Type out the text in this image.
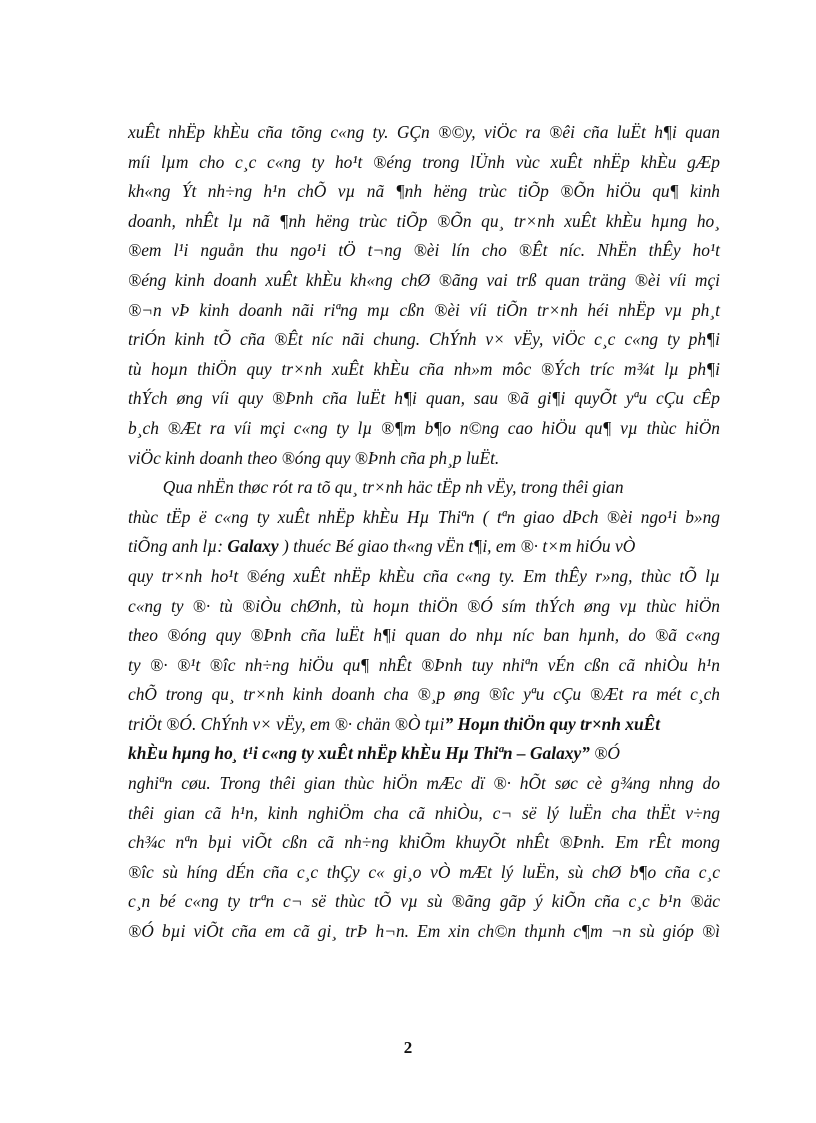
xuÊt nhËp khÈu cña tõng c«ng ty. GÇn ®©y, viÖc ra ®êi cña luËt h¶i quan
míi lµm cho c¸c c«ng ty ho¹t ®éng trong lÜnh vùc xuÊt nhËp khÈu gÆp
kh«ng Ýt nh÷ng h¹n chÕ vµ nã ¶nh hëng trùc tiÕp ®Õn hiÖu qu¶ kinh
doanh, nhÊt lµ nã ¶nh hëng trùc tiÕp ®Õn qu¸ tr×nh xuÊt khÈu hµng ho¸
®em l¹i nguån thu ngo¹i tÖ t¬ng ®èi lín cho ®Êt níc. NhËn thÊy ho¹t
®éng kinh doanh xuÊt khÈu kh«ng chØ ®ãng vai trß quan träng ®èi víi mçi
®¬n vÞ kinh doanh nãi riªng mµ cßn ®èi víi tiÕn tr×nh héi nhËp vµ ph¸t
triÓn kinh tÕ cña ®Êt níc nãi chung. ChÝnh v× vËy, viÖc c¸c c«ng ty ph¶i
tù hoµn thiÖn quy tr×nh xuÊt khÈu cña nh»m môc ®Ých tríc m¾t lµ ph¶i
thÝch øng víi quy ®Þnh cña luËt h¶i quan, sau ®ã gi¶i quyÕt yªu cÇu cÊp
b¸ch ®Æt ra víi mçi c«ng ty lµ ®¶m b¶o n©ng cao hiÖu qu¶ vµ thùc hiÖn
viÖc kinh doanh theo ®óng quy ®Þnh cña ph¸p luËt.
Qua nhËn thøc rót ra tõ qu¸ tr×nh häc tËp nh vËy, trong thêi gian
thùc tËp ë c«ng ty xuÊt nhËp khÈu Hµ Thiªn ( tªn giao dÞch ®èi ngo¹i b»ng
tiÕng anh lµ: Galaxy ) thuéc Bé giao th«ng vËn t¶i, em ®· t×m hiÓu vÒ
quy tr×nh ho¹t ®éng xuÊt nhËp khÈu cña c«ng ty. Em thÊy r»ng, thùc tÕ lµ
c«ng ty ®· tù ®iÒu chØnh, tù hoµn thiÖn ®Ó sím thÝch øng vµ thùc hiÖn
theo ®óng quy ®Þnh cña luËt h¶i quan do nhµ níc ban hµnh, do ®ã c«ng
ty ®· ®¹t ®îc nh÷ng hiÖu qu¶ nhÊt ®Þnh tuy nhiªn vÉn cßn cã nhiÒu h¹n
chÕ trong qu¸ tr×nh kinh doanh cha ®¸p øng ®îc yªu cÇu ®Æt ra mét c¸ch
triÖt ®Ó. ChÝnh v× vËy, em ®· chän ®Ò tµi” Hoµn thiÖn quy tr×nh xuÊt
khÈu hµng ho¸ t¹i c«ng ty xuÊt nhËp khÈu Hµ Thiªn – Galaxy” ®Ó
nghiªn cøu. Trong thêi gian thùc hiÖn mÆc dï ®· hÕt søc cè g¾ng nhng do
thêi gian cã h¹n, kinh nghiÖm cha cã nhiÒu, c¬ së lý luËn cha thËt v÷ng
ch¾c nªn bµi viÕt cßn cã nh÷ng khiÕm khuyÕt nhÊt ®Þnh. Em rÊt mong
®îc sù híng dÉn cña c¸c thÇy c« gi¸o vÒ mÆt lý luËn, sù chØ b¶o cña c¸c
c¸n bé c«ng ty trªn c¬ së thùc tÕ vµ sù ®ãng gãp ý kiÕn cña c¸c b¹n ®äc
®Ó bµi viÕt cña em cã gi¸ trÞ h¬n. Em xin ch©n thµnh c¶m ¬n sù gióp ®ì
2
